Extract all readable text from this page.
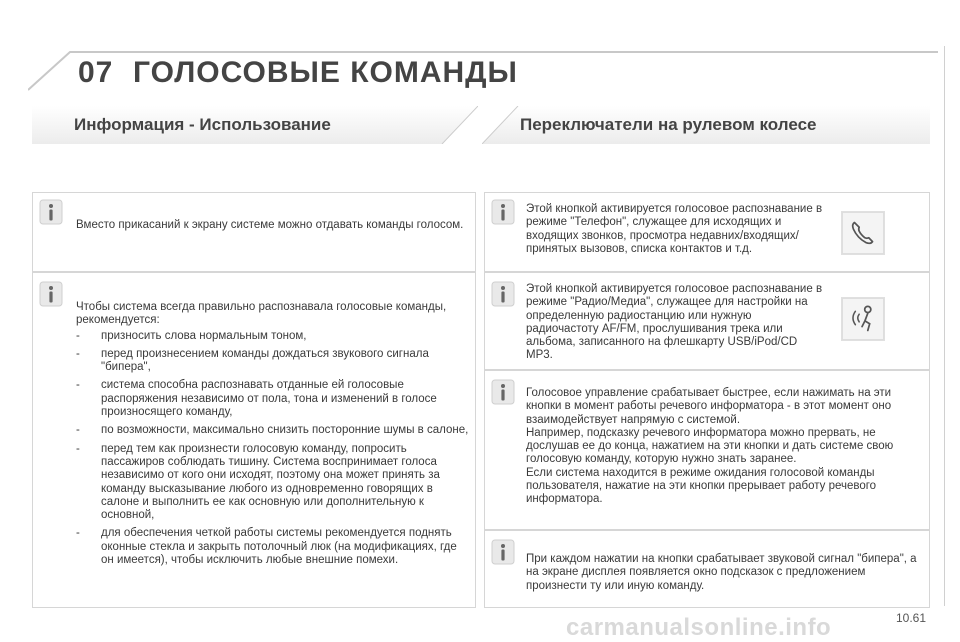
07 ГОЛОСОВЫЕ КОМАНДЫ
Информация - Использование	Переключатели на рулевом колесе
Вместо прикасаний к экрану системе можно отдавать команды голосом.

Чтобы система всегда правильно распознавала голосовые команды, рекомендуется:

- призносить слова нормальным тоном,
- перед произнесением команды дождаться звукового сигнала "бипера",
- система способна распознавать отданные ей голосовые распоряжения независимо от пола, тона и изменений в голосе произносящего команду,
- по возможности, максимально снизить посторонние шумы в салоне,
- перед тем как произнести голосовую команду, попросить пассажиров соблюдать тишину. Система воспринимает голоса независимо от кого они исходят, поэтому она может принять за команду высказывание любого из одновременно говорящих в салоне и выполнить ее как основную или дополнительную к основной,
- для обеспечения четкой работы системы рекомендуется поднять оконные стекла и закрыть потолочный люк (на модификациях, где он имеется), чтобы исключить любые внешние помехи.
Этой кнопкой активируется голосовое распознавание в режиме "Телефон", служащее для исходящих и входящих звонков, просмотра недавних/входящих/ принятых вызовов, списка контактов и т.д.
Этой кнопкой активируется голосовое распознавание в режиме "Радио/Медиа", служащее для настройки на определенную радиостанцию или нужную радиочастоту AF/FM, прослушивания трека или альбома, записанного на флешкарту USB/iPod/CD MP3.

Голосовое управление срабатывает быстрее, если нажимать на эти кнопки в момент работы речевого информатора - в этот момент оно взаимодействует напрямую с системой.

Например, подсказку речевого информатора можно прервать, не дослушав ее до конца, нажатием на эти кнопки и дать системе свою голосовую команду, которую нужно знать заранее.

Если система находится в режиме ожидания голосовой команды пользователя, нажатие на эти кнопки прерывает работу речевого информатора.

При каждом нажатии на кнопки срабатывает звуковой сигнал "бипера", а на экране дисплея появляется окно подсказок с предложением произнести ту или иную команду.
carmanualsonline.info	10.61
